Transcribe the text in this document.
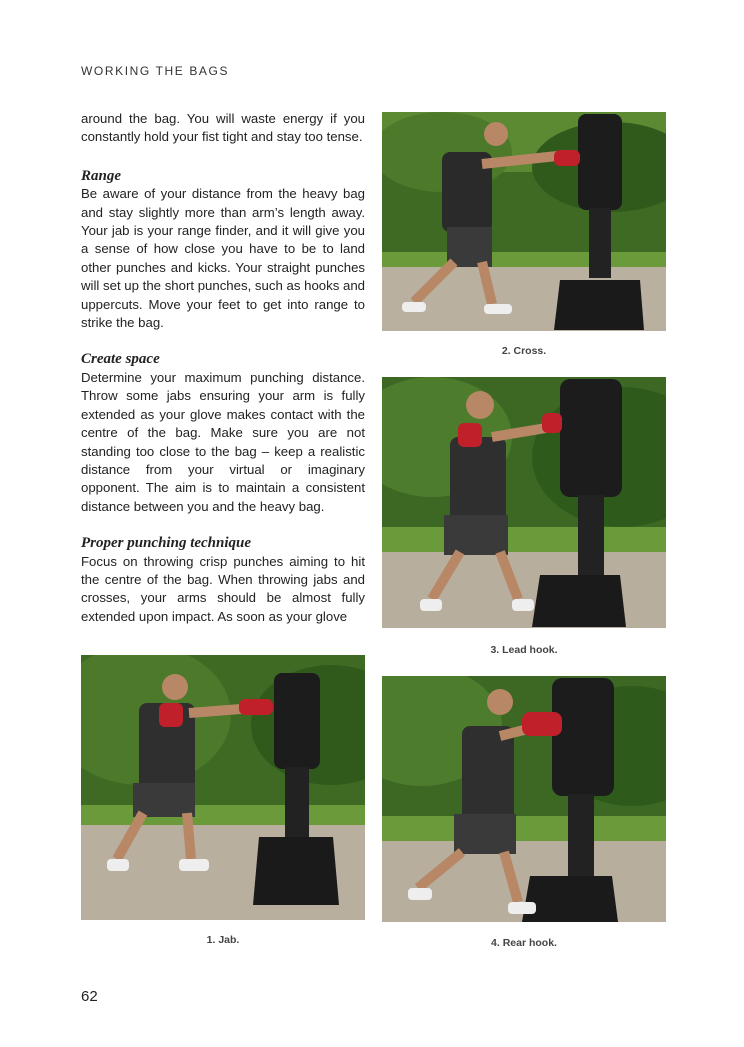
WORKING THE BAGS

around the bag. You will waste energy if you constantly hold your fist tight and stay too tense.

Range

Be aware of your distance from the heavy bag and stay slightly more than arm’s length away. Your jab is your range finder, and it will give you a sense of how close you have to be to land other punches and kicks. Your straight punches will set up the short punches, such as hooks and uppercuts. Move your feet to get into range to strike the bag.

Create space

Determine your maximum punching distance. Throw some jabs ensuring your arm is fully extended as your glove makes contact with the centre of the bag. Make sure you are not standing too close to the bag – keep a realistic distance from your virtual or imaginary opponent. The aim is to maintain a consistent distance between you and the heavy bag.

Proper punching technique

Focus on throwing crisp punches aiming to hit the centre of the bag. When throwing jabs and crosses, your arms should be almost fully extended upon impact. As soon as your glove

2. Cross.
3. Lead hook.
1. Jab.	4. Rear hook.
62
